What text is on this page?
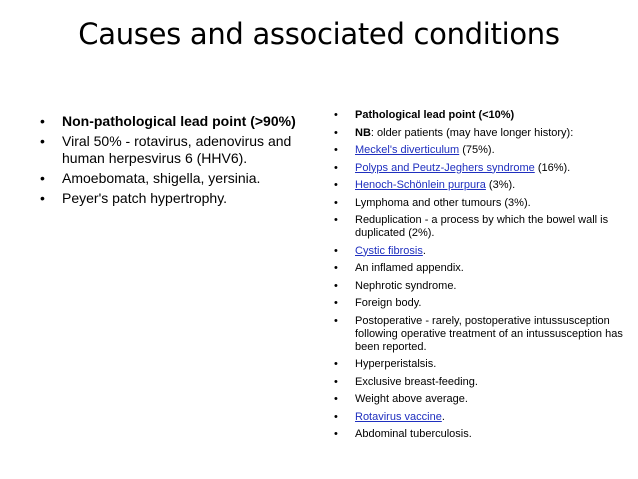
Causes and associated conditions
• Non-pathological lead point (>90%)
• Viral 50% - rotavirus, adenovirus and human herpesvirus 6 (HHV6).
• Amoebomata, shigella, yersinia.
• Peyer's patch hypertrophy.
• Pathological lead point (<10%)
• NB: older patients (may have longer history):
• Meckel's diverticulum (75%).
• Polyps and Peutz-Jeghers syndrome (16%).
• Henoch-Schönlein purpura (3%).
• Lymphoma and other tumours (3%).
• Reduplication - a process by which the bowel wall is duplicated (2%).
• Cystic fibrosis.
• An inflamed appendix.
• Nephrotic syndrome.
• Foreign body.
• Postoperative - rarely, postoperative intussusception following operative treatment of an intussusception has been reported.
• Hyperperistalsis.
• Exclusive breast-feeding.
• Weight above average.
• Rotavirus vaccine.
• Abdominal tuberculosis.
